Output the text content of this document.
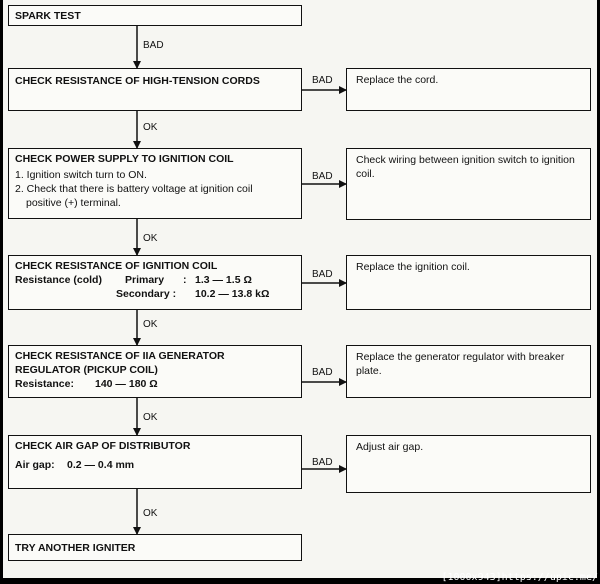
SPARK TEST
CHECK RESISTANCE OF HIGH-TENSION CORDS
CHECK POWER SUPPLY TO IGNITION COIL
1. Ignition switch turn to ON.
2. Check that there is battery voltage at ignition coil
positive (+) terminal.
CHECK RESISTANCE OF IGNITION COIL
Resistance (cold)	Primary	: 1.3 — 1.5 Ω
Secondary :	10.2 — 13.8 kΩ
CHECK RESISTANCE OF IIA GENERATOR
REGULATOR (PICKUP COIL)
Resistance:	140 — 180 Ω
CHECK AIR GAP OF DISTRIBUTOR
Air gap:	0.2 — 0.4 mm
TRY ANOTHER IGNITER
Replace the cord.
Check wiring between ignition switch to ignition coil.
Replace the ignition coil.
Replace the generator regulator with breaker plate.
Adjust air gap.
BAD
BAD
BAD
BAD
BAD
BAD
OK
OK
OK
OK
OK
[1000x943]https://upic.me/
